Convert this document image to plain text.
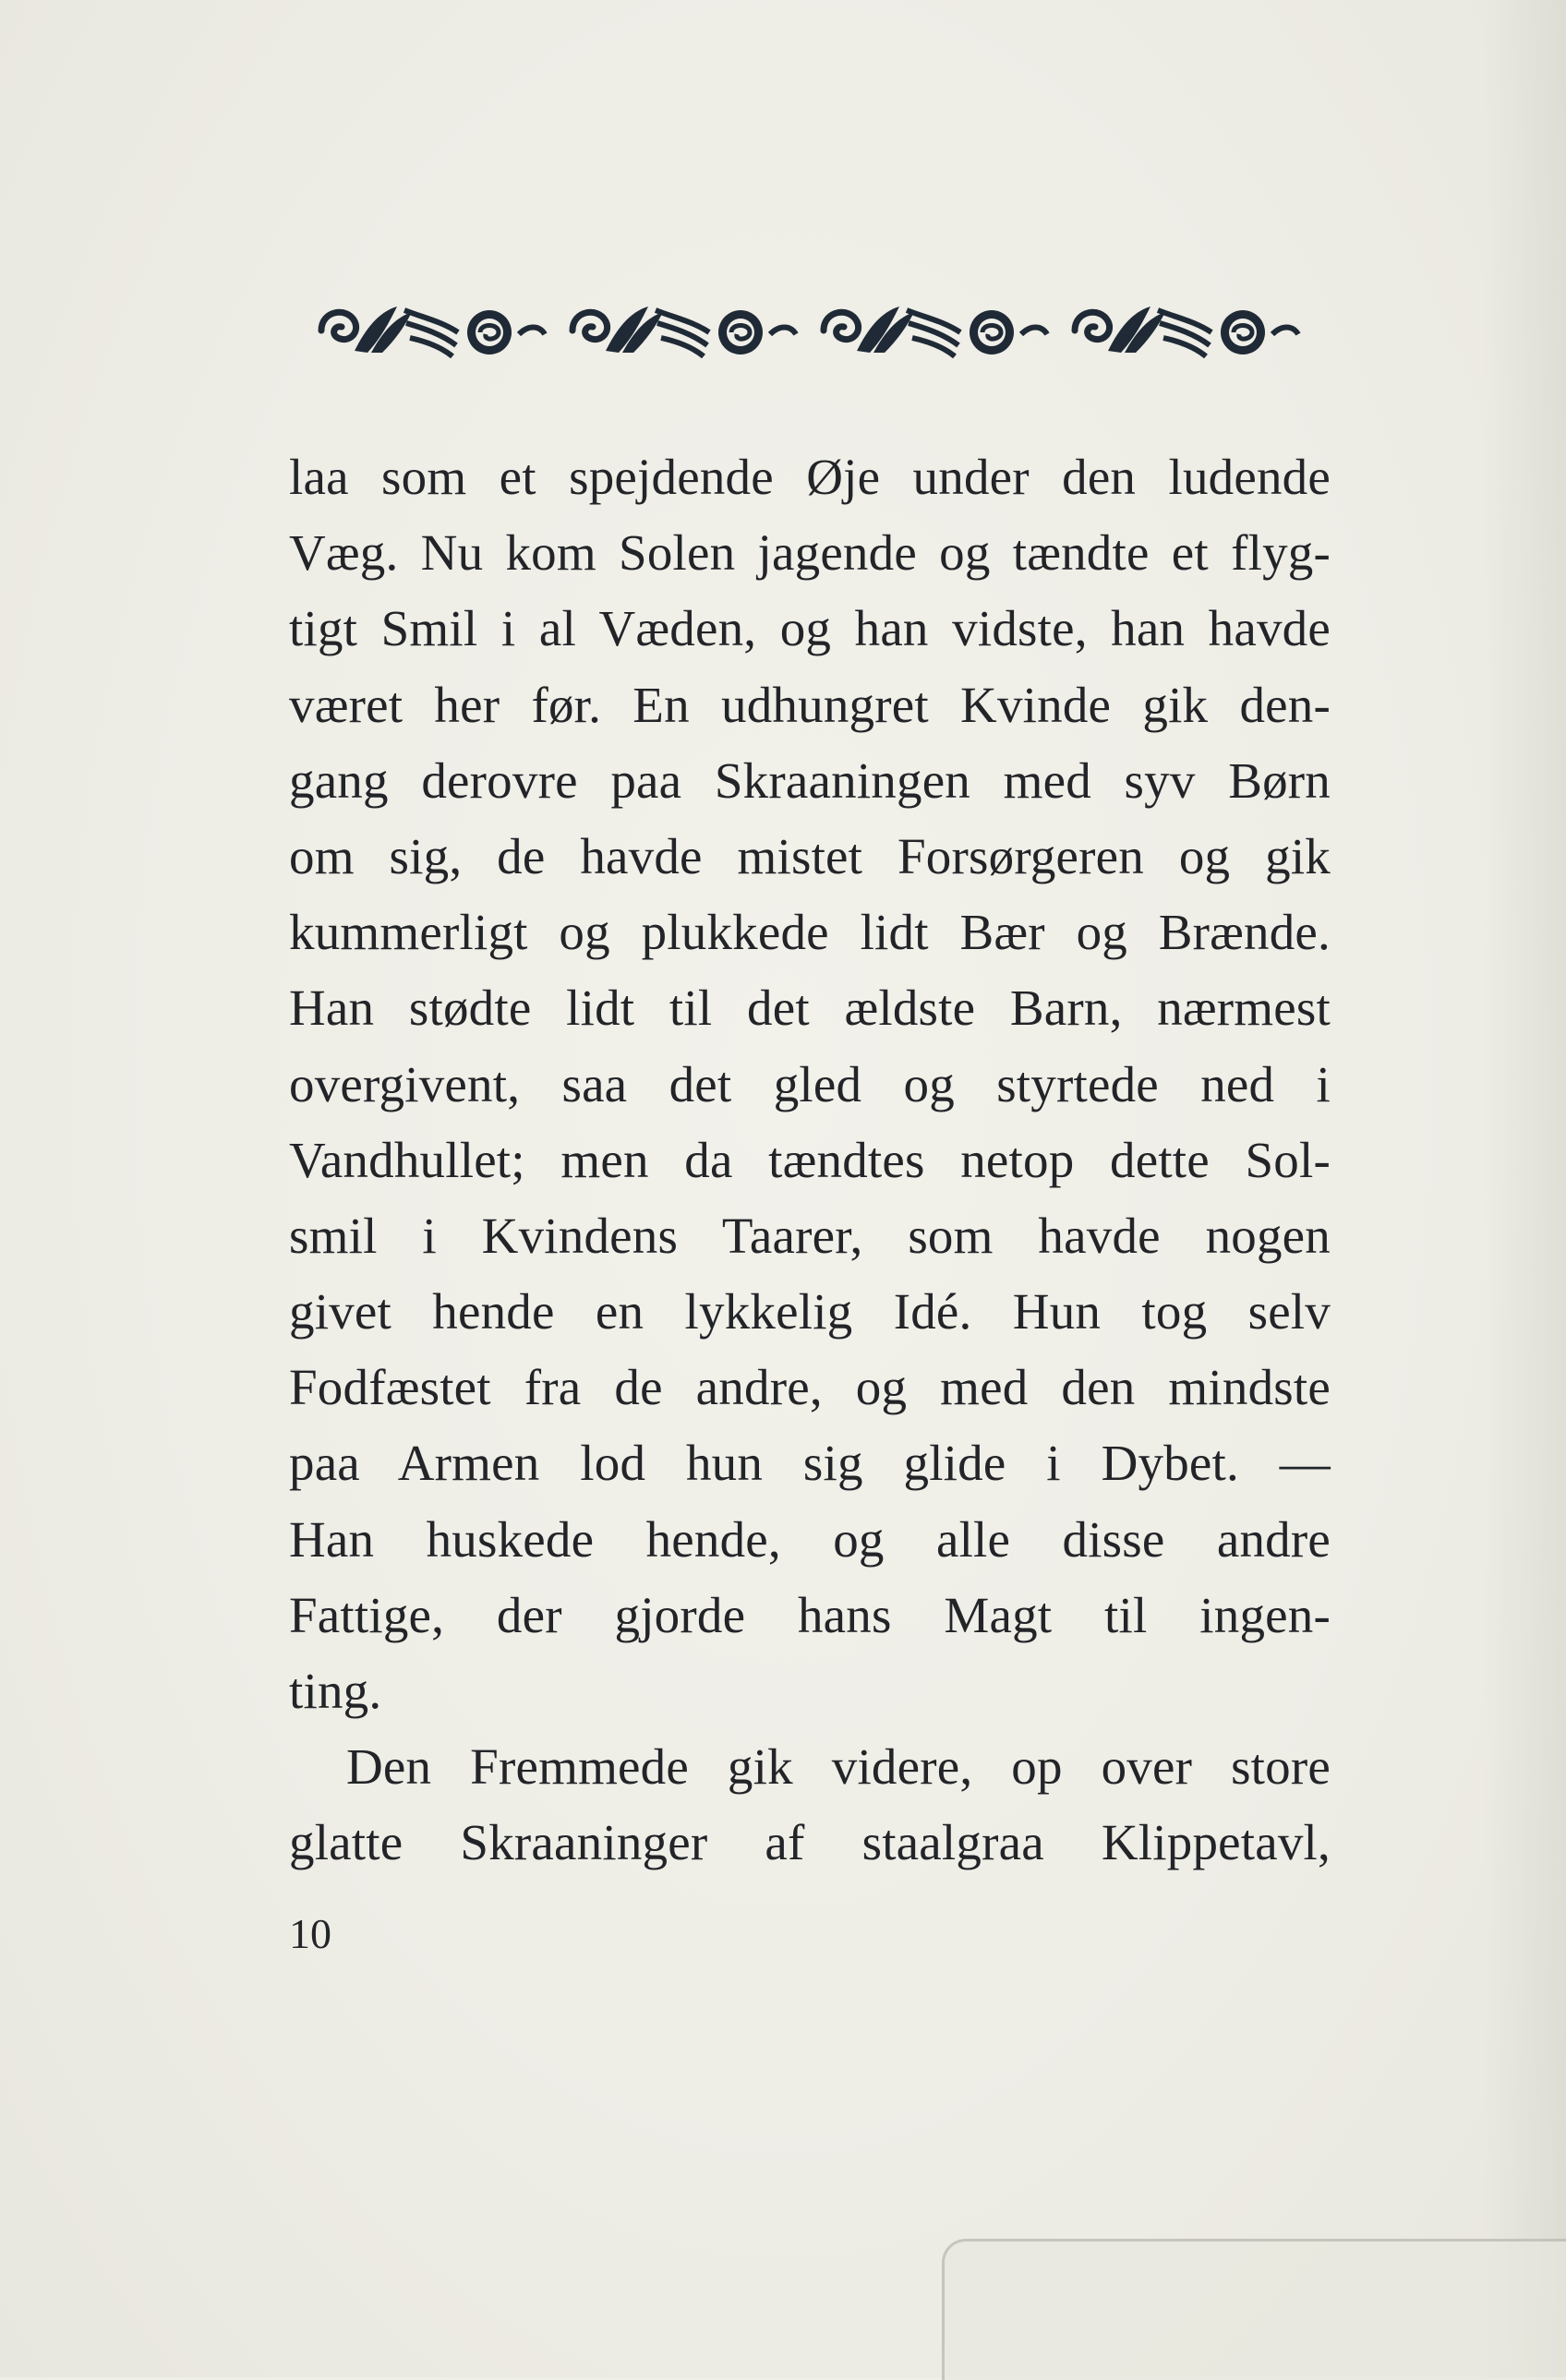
laa som et spejdende Øje under den ludende
Væg. Nu kom Solen jagende og tændte et flyg-
tigt Smil i al Væden, og han vidste, han havde
været her før. En udhungret Kvinde gik den-
gang derovre paa Skraaningen med syv Børn
om sig, de havde mistet Forsørgeren og gik
kummerligt og plukkede lidt Bær og Brænde.
Han stødte lidt til det ældste Barn, nærmest
overgivent, saa det gled og styrtede ned i
Vandhullet; men da tændtes netop dette Sol-
smil i Kvindens Taarer, som havde nogen
givet hende en lykkelig Idé. Hun tog selv
Fodfæstet fra de andre, og med den mindste
paa Armen lod hun sig glide i Dybet. —
Han huskede hende, og alle disse andre
Fattige, der gjorde hans Magt til ingen-
ting.
Den Fremmede gik videre, op over store
glatte Skraaninger af staalgraa Klippetavl,
10
